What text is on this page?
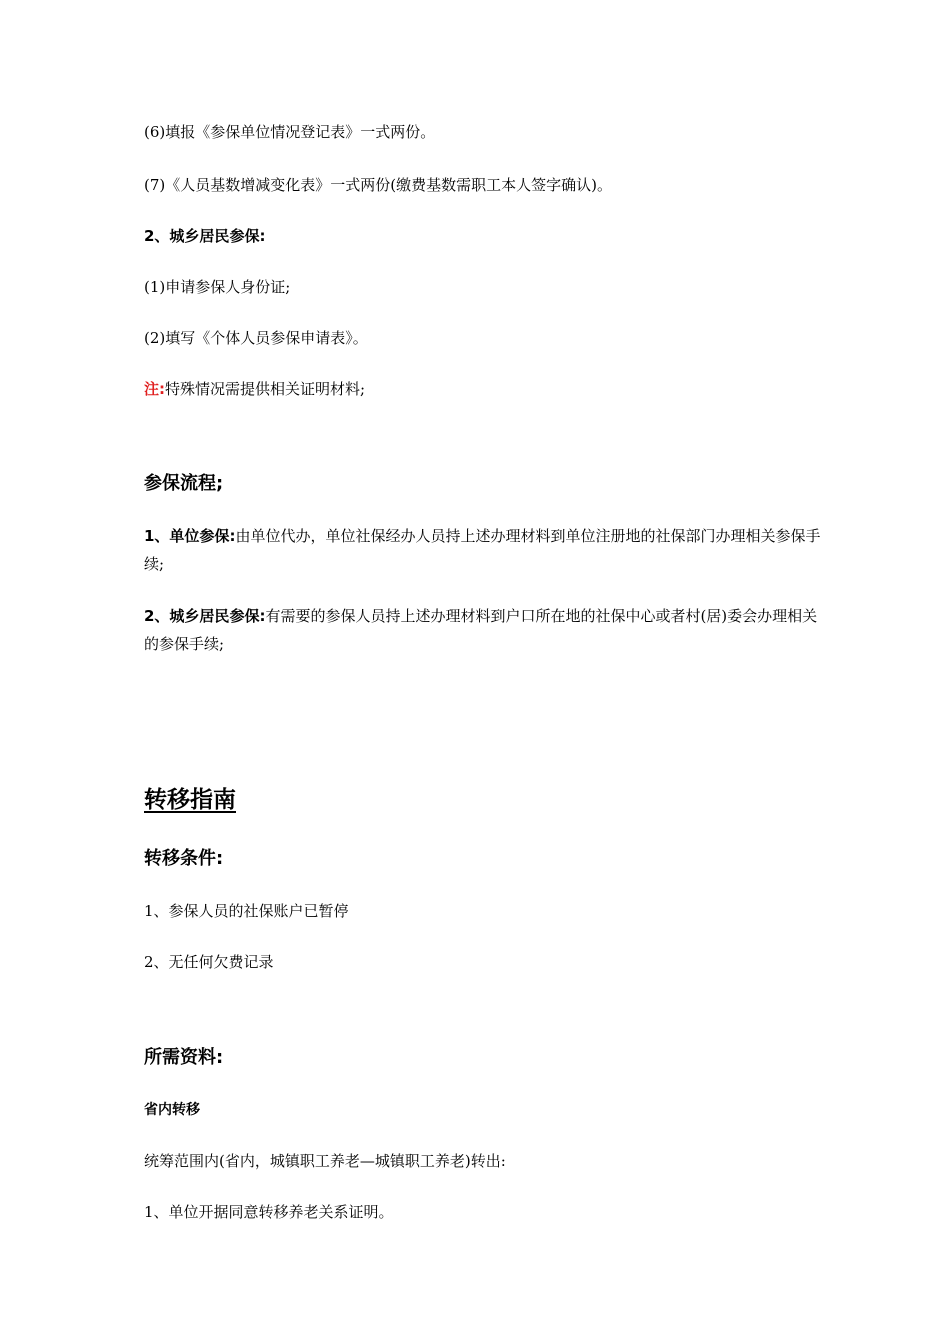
(6)填报《参保单位情况登记表》一式两份。
(7)《人员基数增减变化表》一式两份(缴费基数需职工本人签字确认)。
2、城乡居民参保:
(1)申请参保人身份证;
(2)填写《个体人员参保申请表》。
注:特殊情况需提供相关证明材料;
参保流程;
1、单位参保:由单位代办，单位社保经办人员持上述办理材料到单位注册地的社保部门办理相关参保手续;
2、城乡居民参保:有需要的参保人员持上述办理材料到户口所在地的社保中心或者村(居)委会办理相关的参保手续;
转移指南
转移条件:
1、参保人员的社保账户已暂停
2、无任何欠费记录
所需资料:
省内转移
统筹范围内(省内，城镇职工养老—城镇职工养老)转出:
1、单位开据同意转移养老关系证明。
